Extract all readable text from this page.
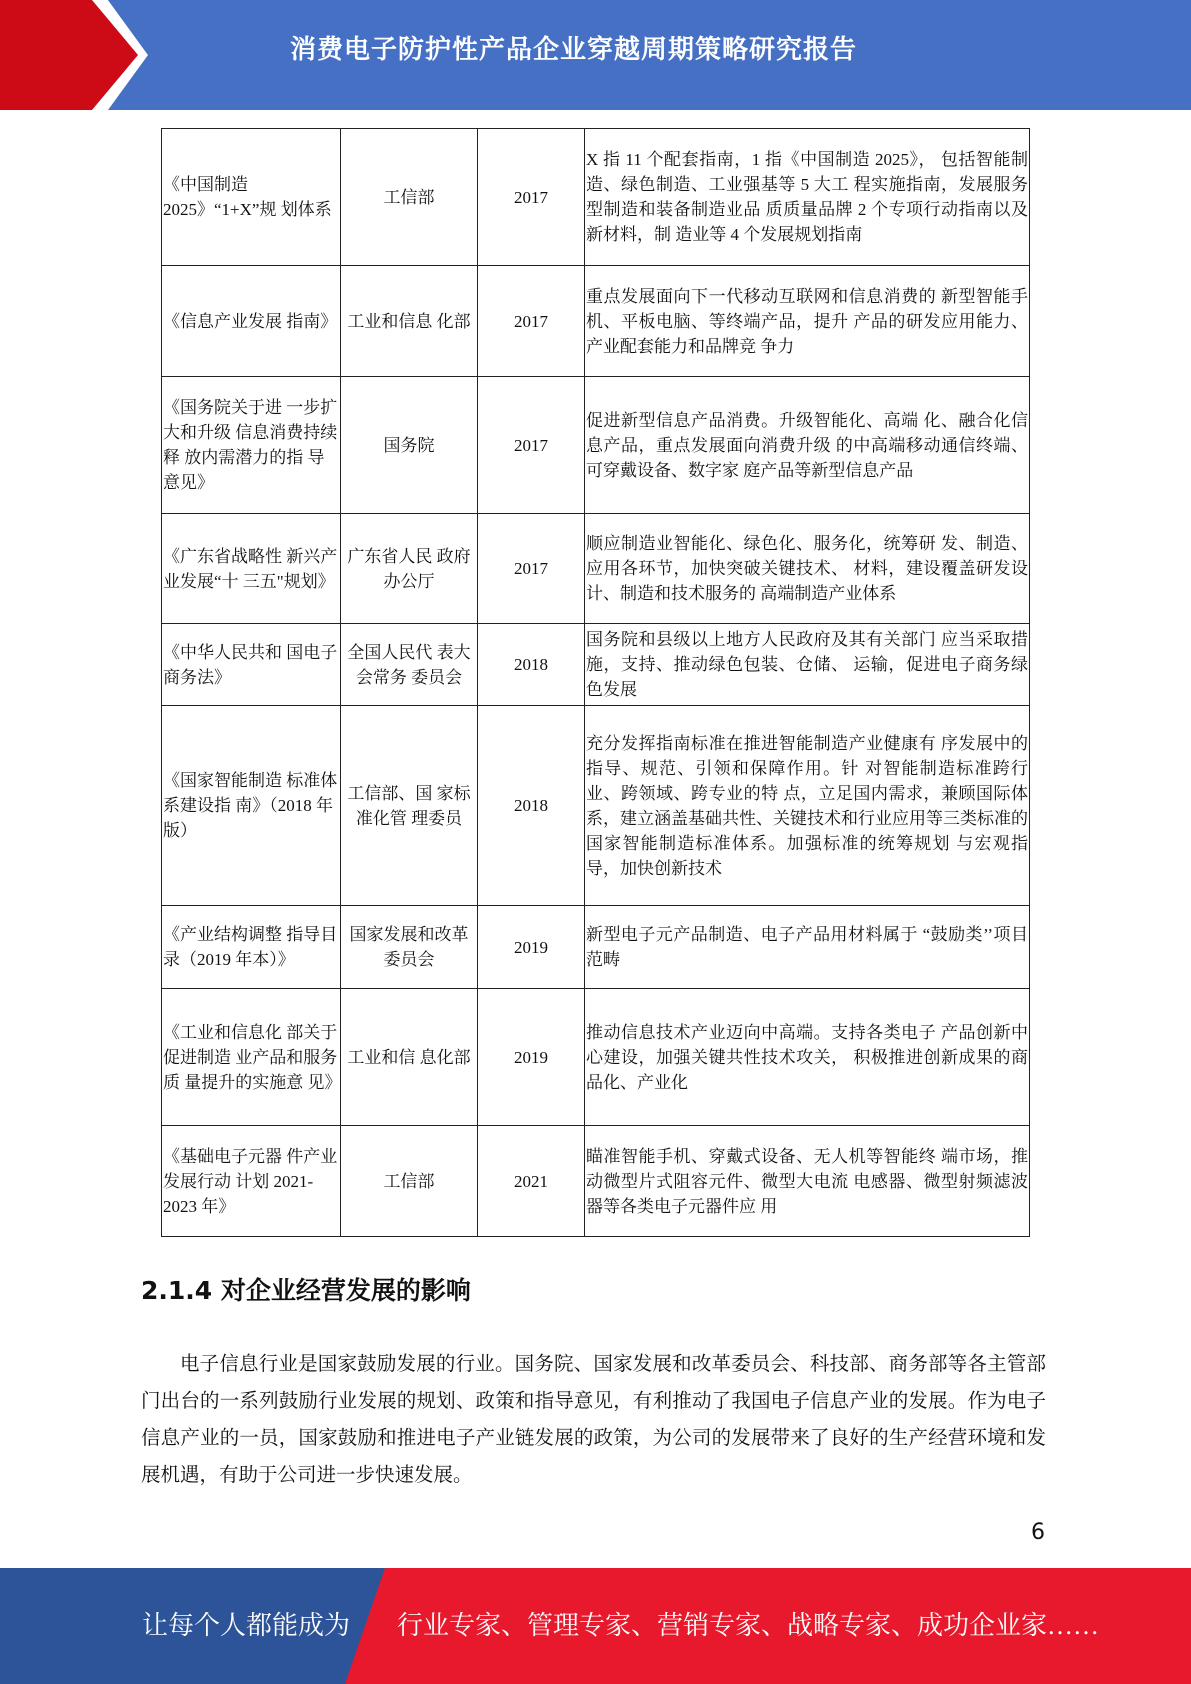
消费电子防护性产品企业穿越周期策略研究报告
《中国制造 2025》“1+X”规 划体系	工信部	2017	X 指 11 个配套指南，1 指《中国制造 2025》， 包括智能制造、绿色制造、工业强基等 5 大工 程实施指南，发展服务型制造和装备制造业品 质质量品牌 2 个专项行动指南以及新材料，制 造业等 4 个发展规划指南
《信息产业发展 指南》	工业和信息 化部	2017	重点发展面向下一代移动互联网和信息消费的 新型智能手机、平板电脑、等终端产品，提升 产品的研发应用能力、产业配套能力和品牌竞 争力
《国务院关于进 一步扩大和升级 信息消费持续释 放内需潜力的指 导意见》	国务院	2017	促进新型信息产品消费。升级智能化、高端 化、融合化信息产品，重点发展面向消费升级 的中高端移动通信终端、可穿戴设备、数字家 庭产品等新型信息产品
《广东省战略性 新兴产业发展“十 三五"规划》	广东省人民 政府办公厅	2017	顺应制造业智能化、绿色化、服务化，统筹研 发、制造、应用各环节，加快突破关键技术、 材料，建设覆盖研发设计、制造和技术服务的 高端制造产业体系
《中华人民共和 国电子商务法》	全国人民代 表大会常务 委员会	2018	国务院和县级以上地方人民政府及其有关部门 应当采取措施，支持、推动绿色包装、仓储、 运输，促进电子商务绿色发展
《国家智能制造 标准体系建设指 南》（2018 年 版）	工信部、国 家标准化管 理委员	2018	充分发挥指南标准在推进智能制造产业健康有 序发展中的指导、规范、引领和保障作用。针 对智能制造标准跨行业、跨领域、跨专业的特 点，立足国内需求，兼顾国际体系，建立涵盖基础共性、关键技术和行业应用等三类标准的 国家智能制造标准体系。加强标准的统筹规划 与宏观指导，加快创新技术
《产业结构调整 指导目录（2019 年本）》	国家发展和改革委员会	2019	新型电子元产品制造、电子产品用材料属于 “鼓励类’’项目范畴
《工业和信息化 部关于促进制造 业产品和服务质 量提升的实施意 见》	工业和信 息化部	2019	推动信息技术产业迈向中高端。支持各类电子 产品创新中心建设，加强关键共性技术攻关， 积极推进创新成果的商品化、产业化
《基础电子元器 件产业发展行动 计划 2021-2023 年》	工信部	2021	瞄准智能手机、穿戴式设备、无人机等智能终 端市场，推动微型片式阻容元件、微型大电流 电感器、微型射频滤波器等各类电子元器件应 用
2.1.4 对企业经营发展的影响
电子信息行业是国家鼓励发展的行业。国务院、国家发展和改革委员会、科技部、商务部等各主管部门出台的一系列鼓励行业发展的规划、政策和指导意见，有利推动了我国电子信息产业的发展。作为电子信息产业的一员，国家鼓励和推进电子产业链发展的政策，为公司的发展带来了良好的生产经营环境和发展机遇，有助于公司进一步快速发展。
6
让每个人都能成为 行业专家、管理专家、营销专家、战略专家、成功企业家……
